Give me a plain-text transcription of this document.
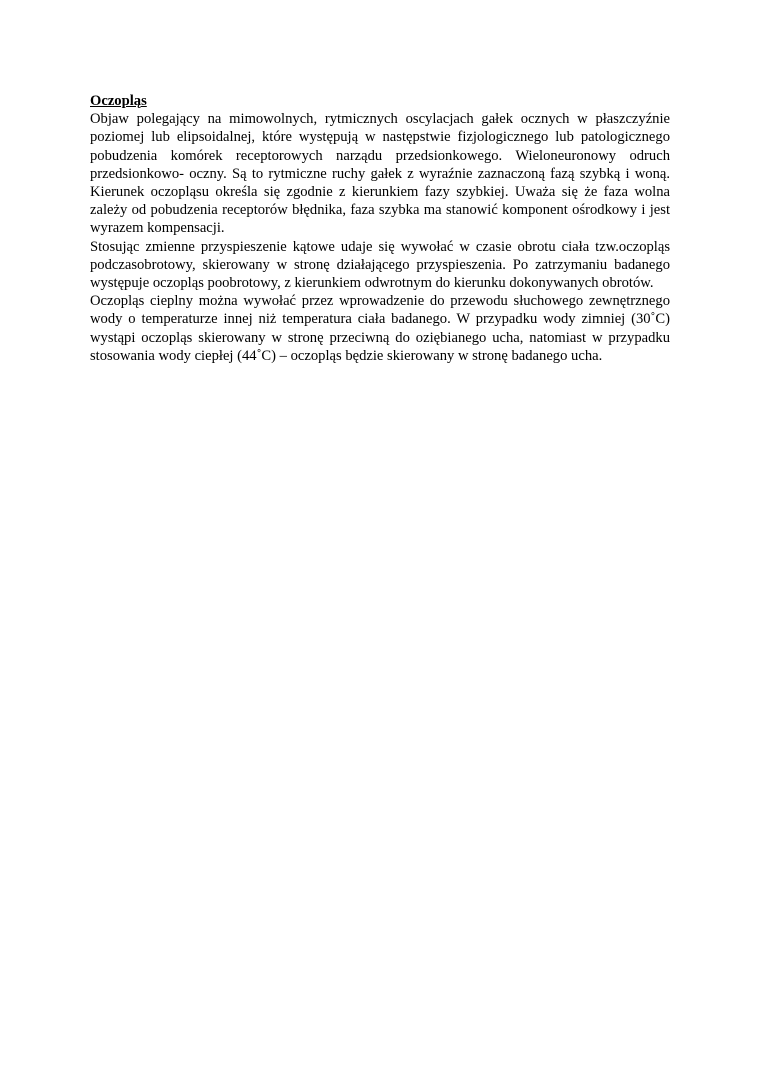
Oczopląs

Objaw polegający na mimowolnych, rytmicznych oscylacjach gałek ocznych w płaszczyźnie poziomej lub elipsoidalnej, które występują w następstwie fizjologicznego lub patologicznego pobudzenia komórek receptorowych narządu przedsionkowego. Wieloneuronowy odruch przedsionkowo- oczny. Są to rytmiczne ruchy gałek z wyraźnie zaznaczoną fazą szybką i woną. Kierunek oczopląsu określa się zgodnie z kierunkiem fazy szybkiej. Uważa się że faza wolna zależy od pobudzenia receptorów błędnika, faza szybka ma stanowić komponent ośrodkowy i jest wyrazem kompensacji.

Stosując zmienne przyspieszenie kątowe udaje się wywołać w czasie obrotu ciała tzw.oczopląs podczasobrotowy, skierowany w stronę działającego przyspieszenia. Po zatrzymaniu badanego występuje oczopląs poobrotowy, z kierunkiem odwrotnym do kierunku dokonywanych obrotów.

Oczopląs cieplny można wywołać przez wprowadzenie do przewodu słuchowego zewnętrznego wody o temperaturze innej niż temperatura ciała badanego. W przypadku wody zimniej (30˚C) wystąpi oczopląs skierowany w stronę przeciwną do oziębianego ucha, natomiast w przypadku stosowania wody ciepłej (44˚C) – oczopląs będzie skierowany w stronę badanego ucha.
